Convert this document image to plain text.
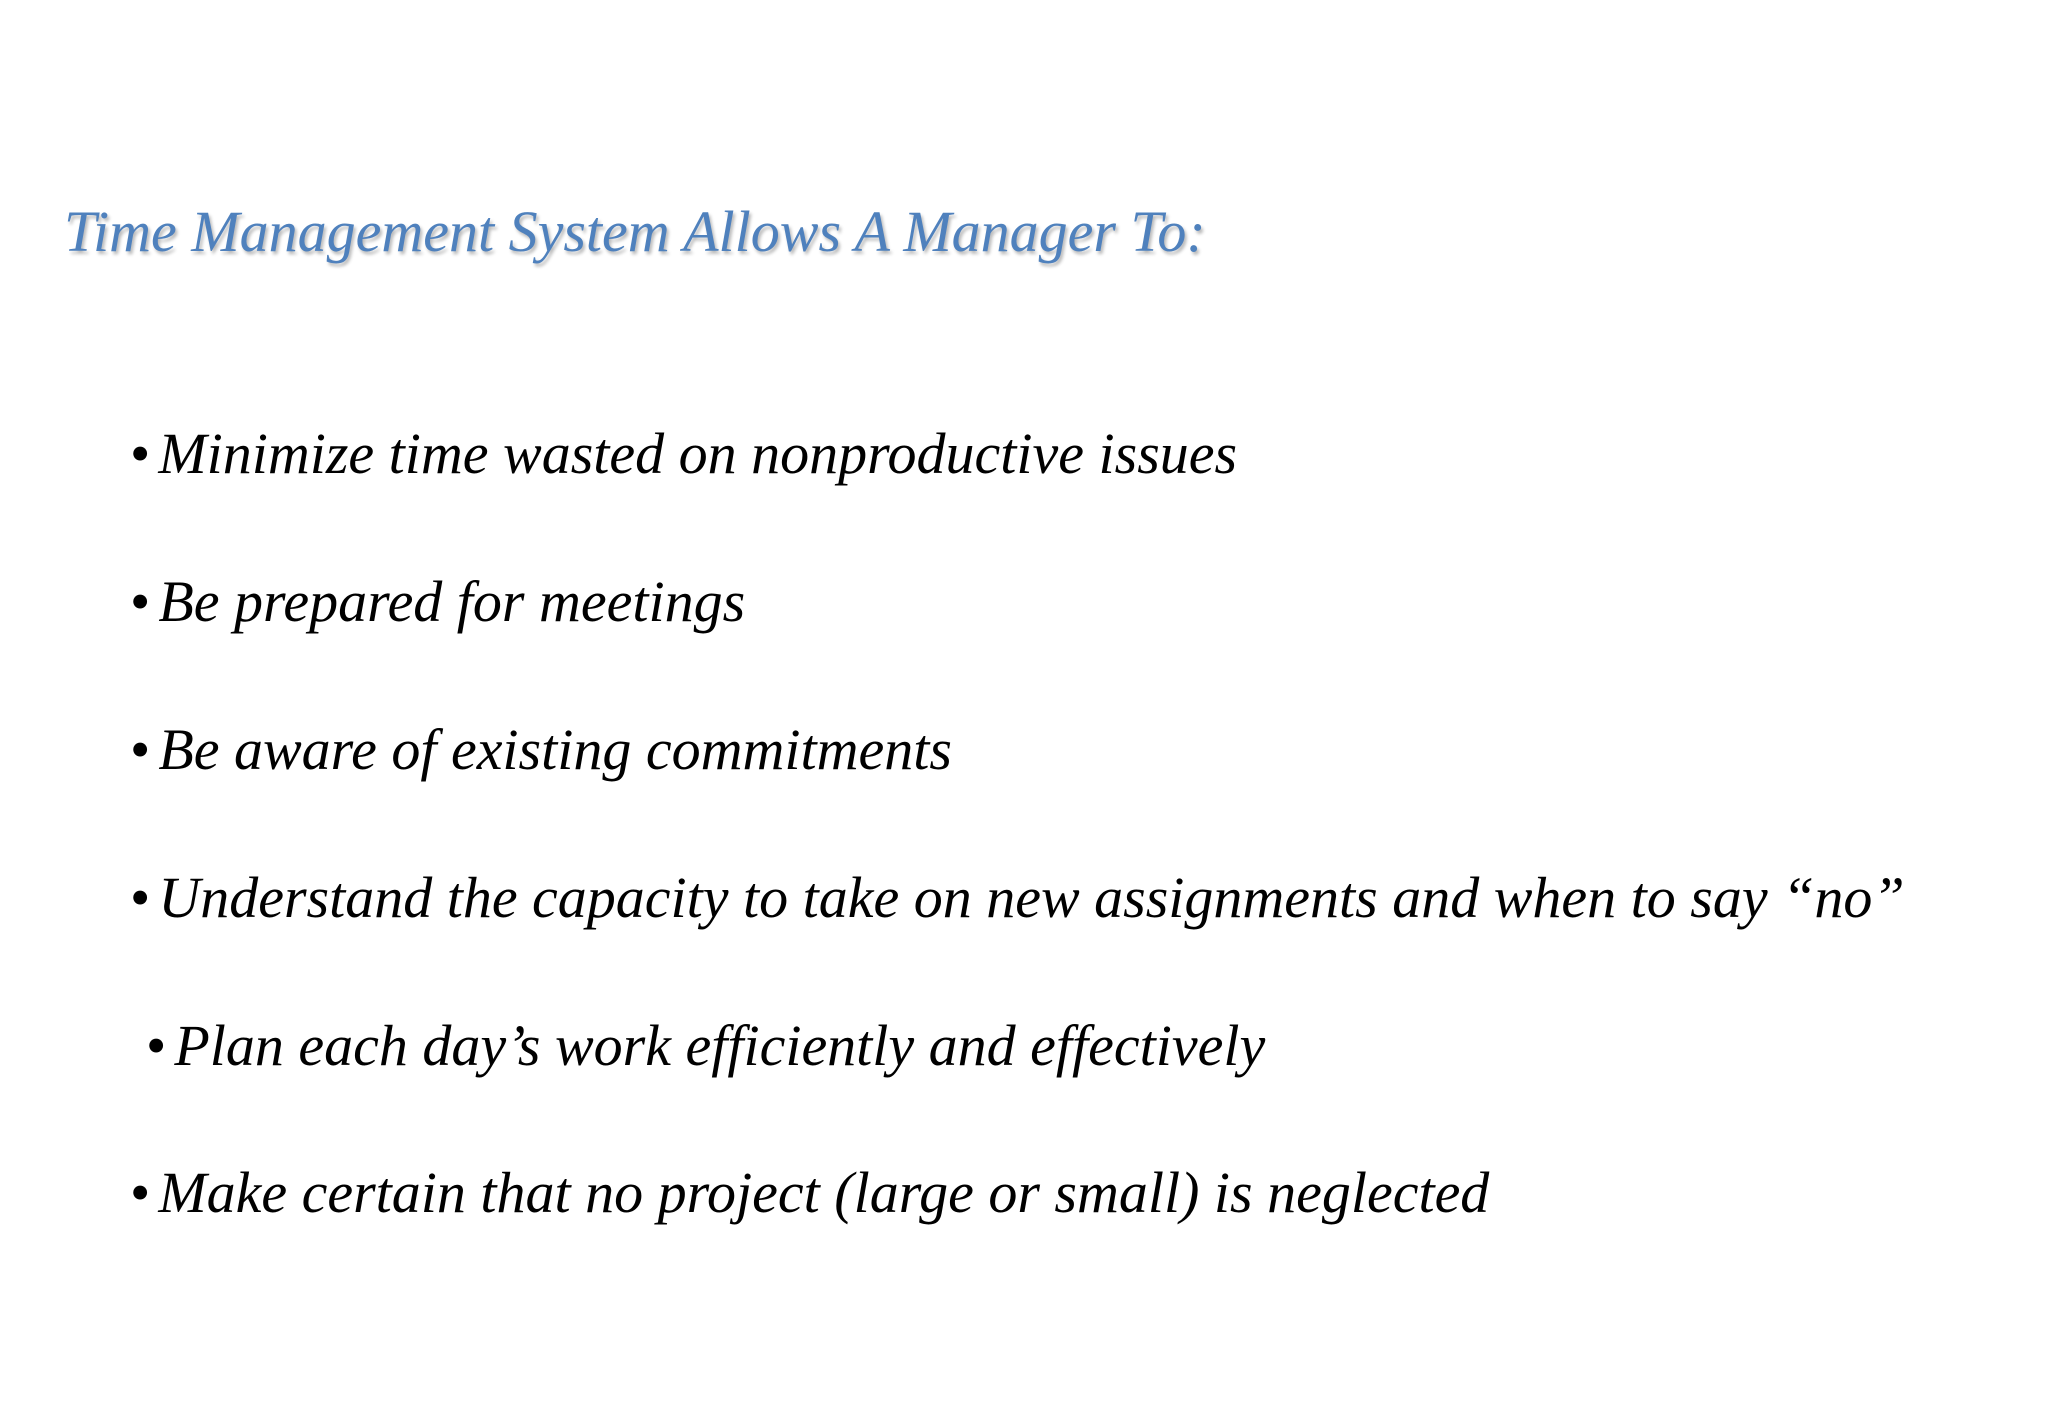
Time Management System Allows A Manager To:
• Minimize time wasted on nonproductive issues
• Be prepared for meetings
• Be aware of existing commitments
• Understand the capacity to take on new assignments and when to say “no”
• Plan each day’s work efficiently and effectively
• Make certain that no project (large or small) is neglected
